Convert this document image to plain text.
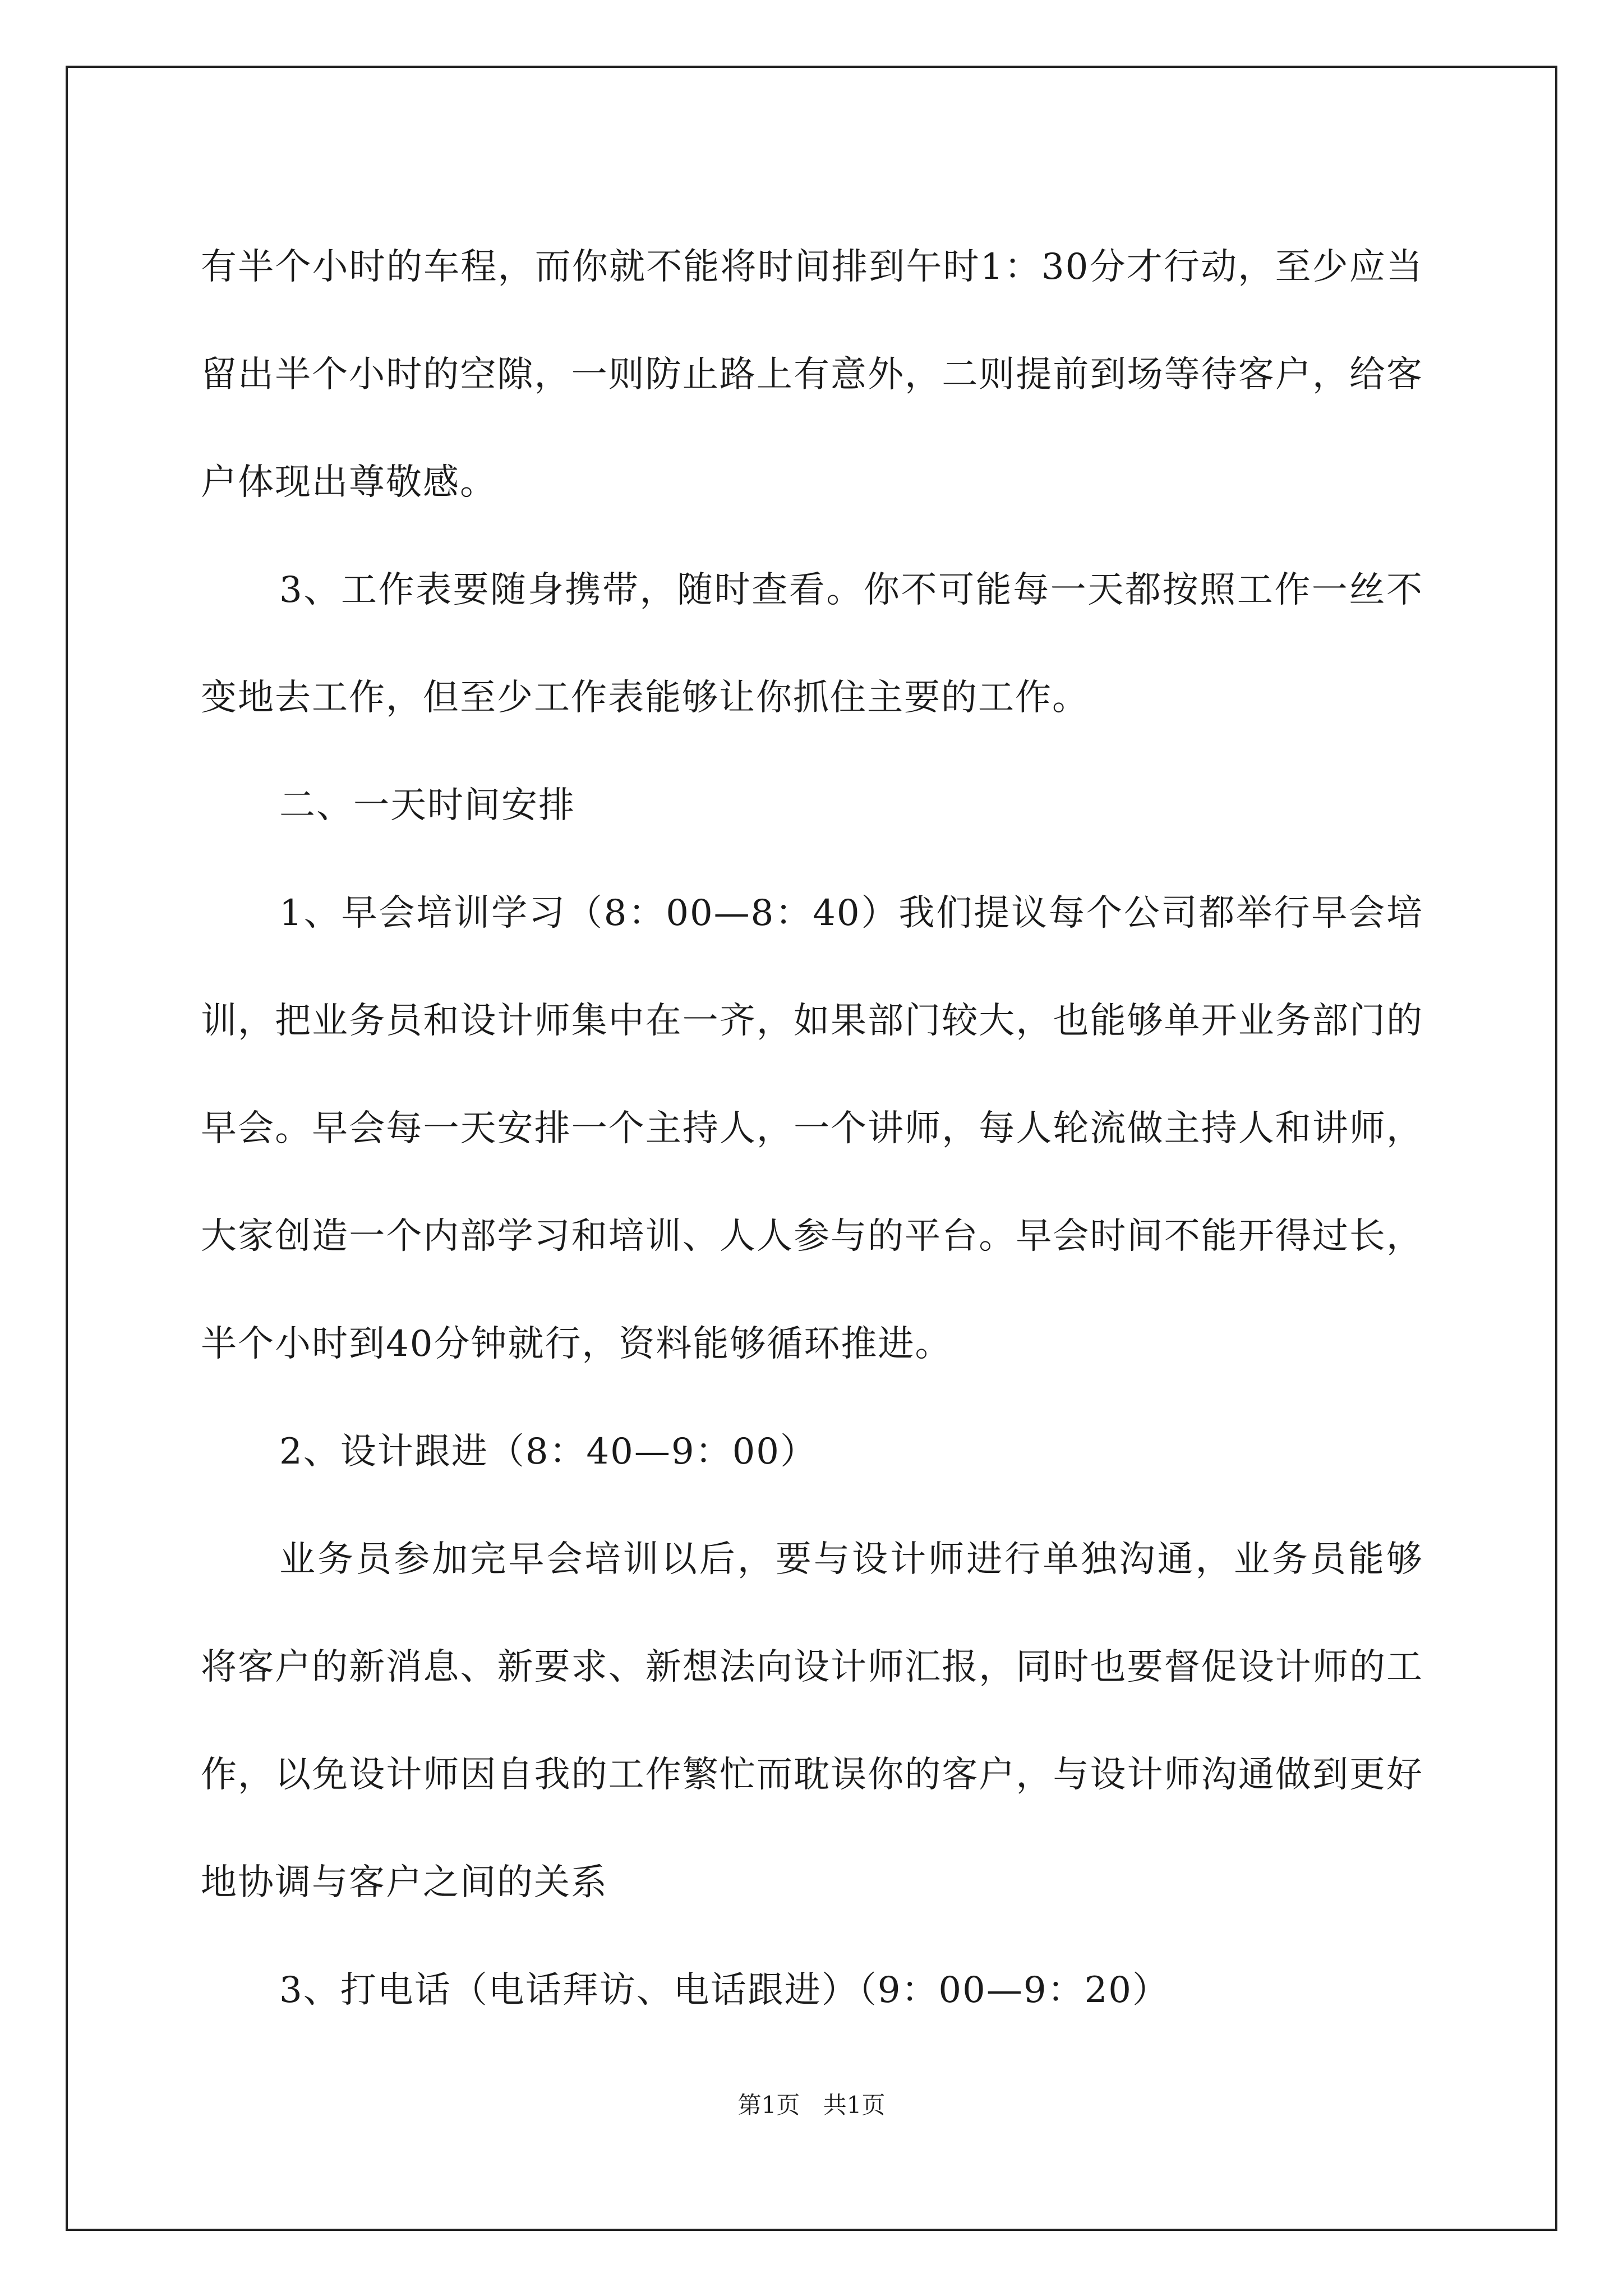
有半个小时的车程，而你就不能将时间排到午时1：30分才行动，至少应当留出半个小时的空隙，一则防止路上有意外，二则提前到场等待客户，给客户体现出尊敬感。

3、工作表要随身携带，随时查看。你不可能每一天都按照工作一丝不变地去工作，但至少工作表能够让你抓住主要的工作。

二、一天时间安排

1、早会培训学习（8：00—8：40）我们提议每个公司都举行早会培训，把业务员和设计师集中在一齐，如果部门较大，也能够单开业务部门的早会。早会每一天安排一个主持人，一个讲师，每人轮流做主持人和讲师，大家创造一个内部学习和培训、人人参与的平台。早会时间不能开得过长，半个小时到40分钟就行，资料能够循环推进。

2、设计跟进（8：40—9：00）

业务员参加完早会培训以后，要与设计师进行单独沟通，业务员能够将客户的新消息、新要求、新想法向设计师汇报，同时也要督促设计师的工作，以免设计师因自我的工作繁忙而耽误你的客户，与设计师沟通做到更好地协调与客户之间的关系

3、打电话（电话拜访、电话跟进）（9：00—9：20）

第1页 共1页
